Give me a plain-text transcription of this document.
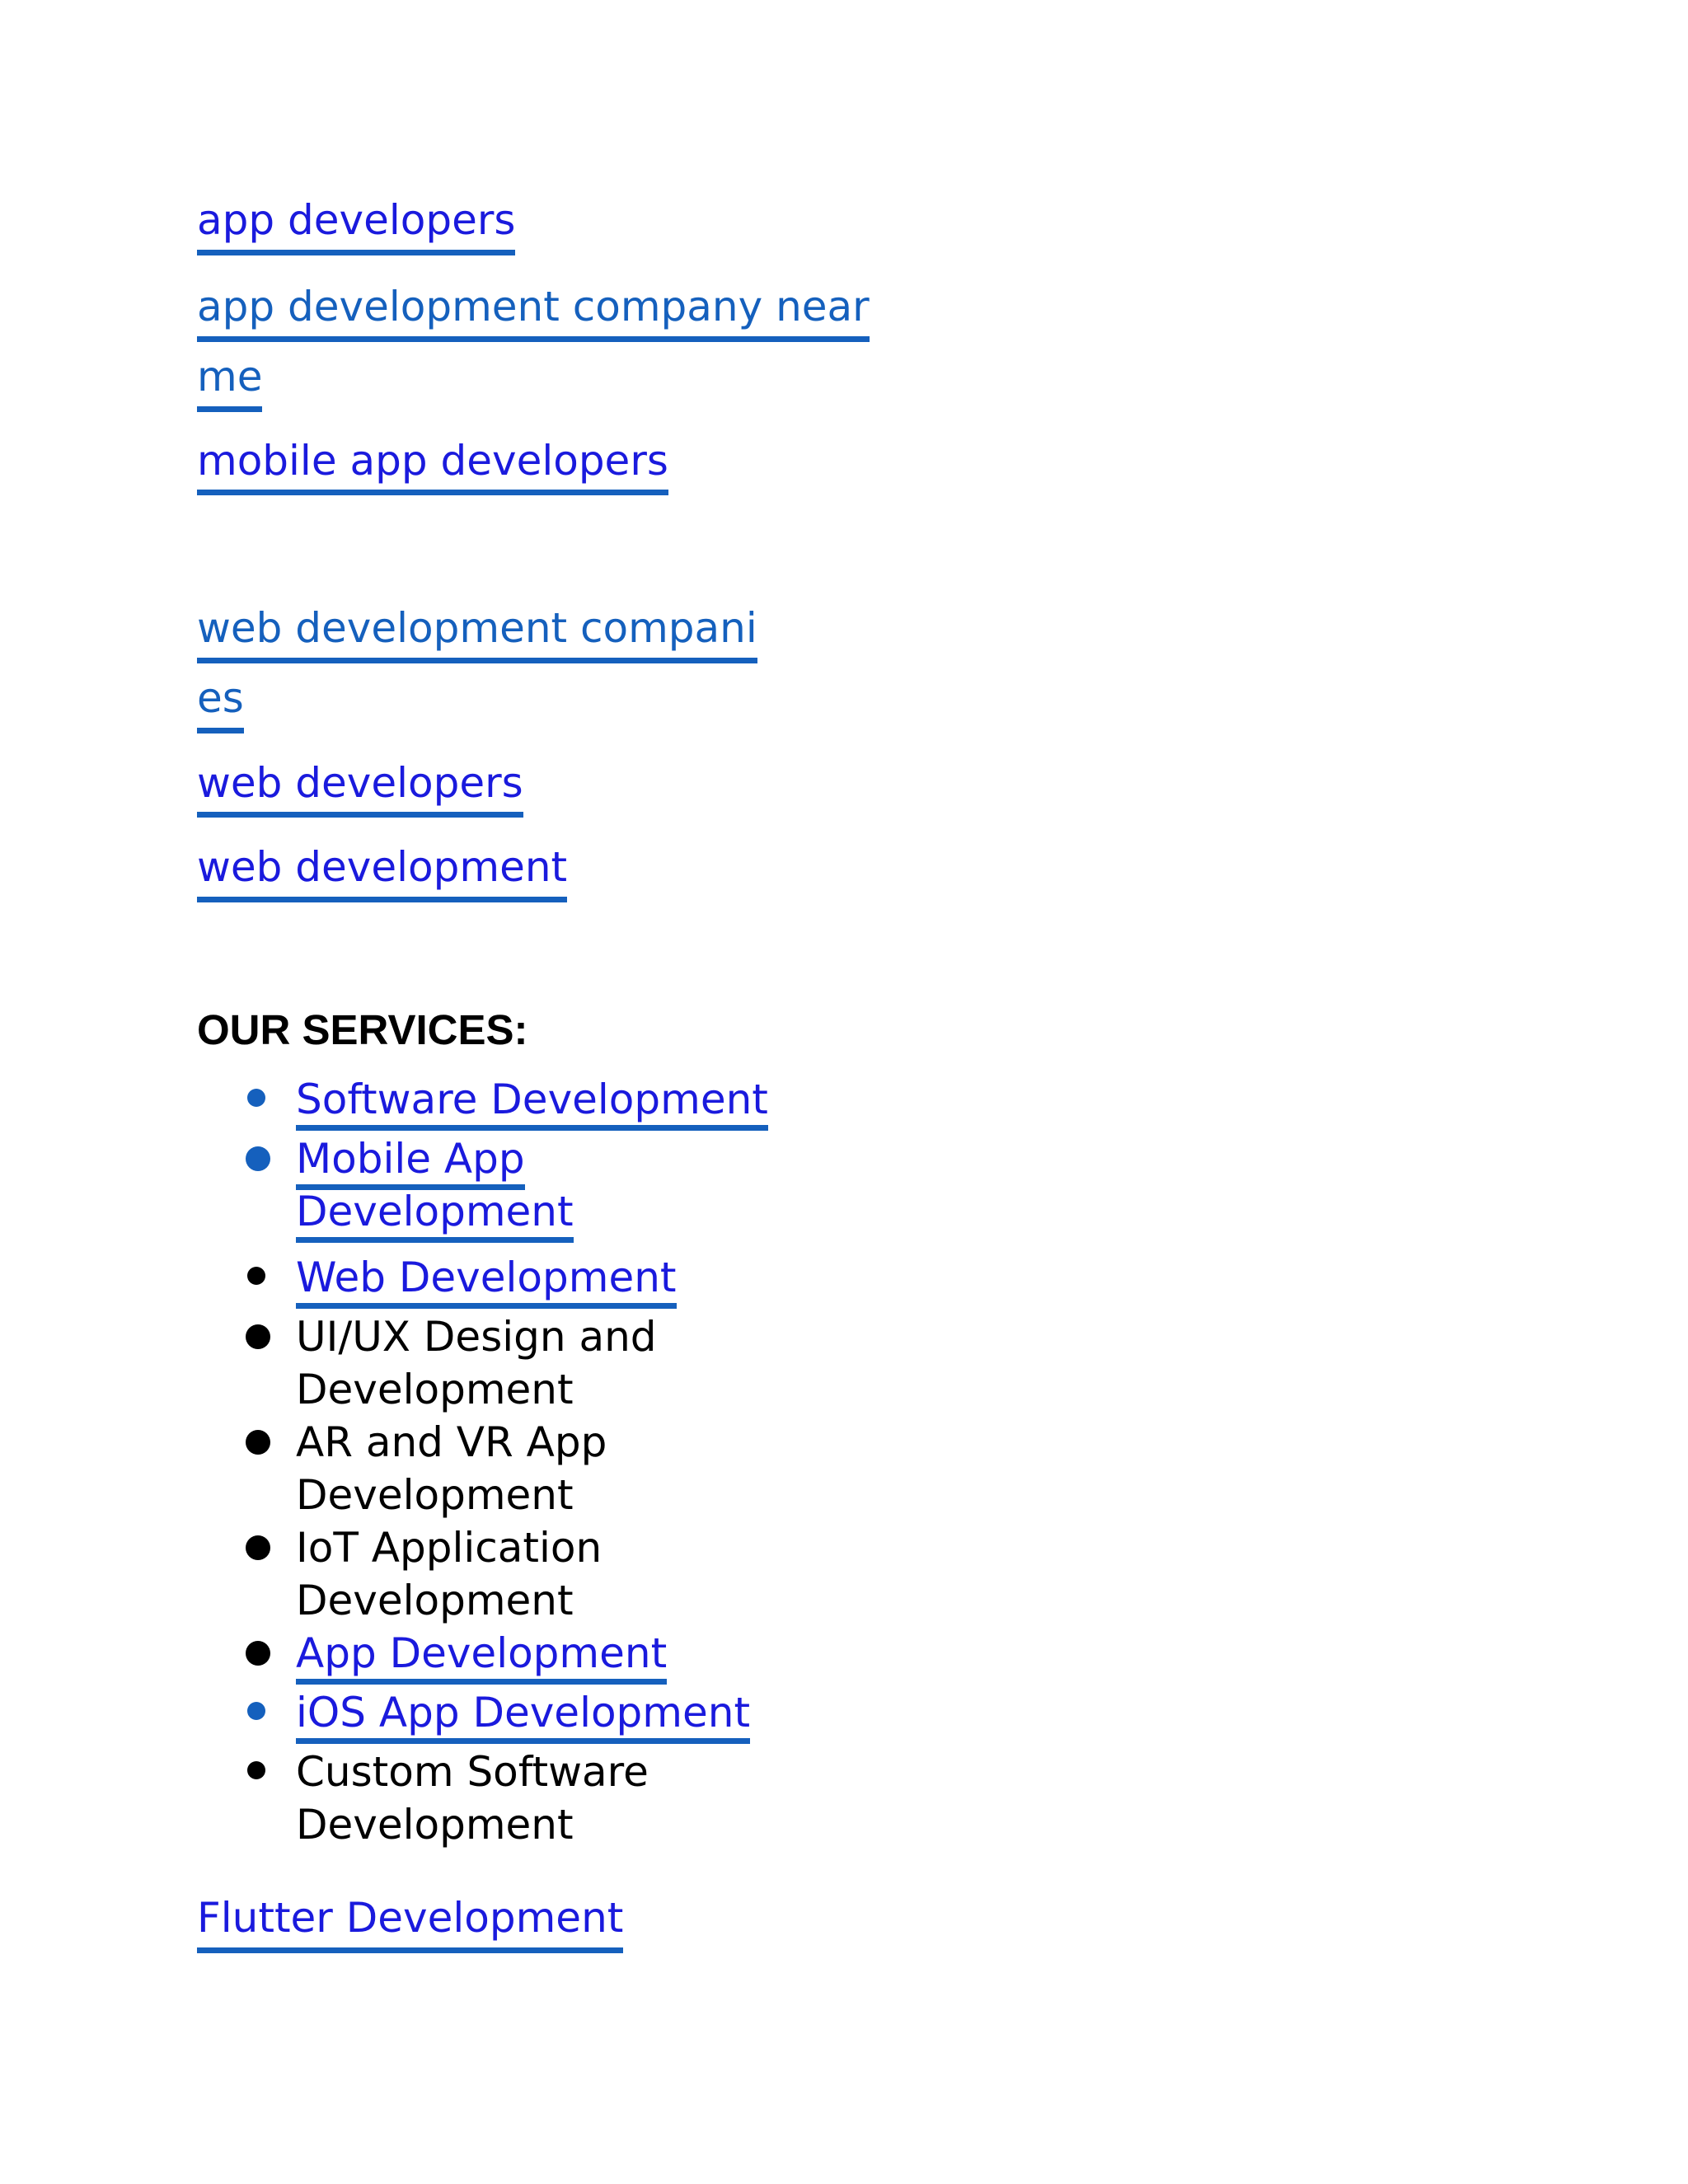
app developers
app development company near
me
mobile app developers
web development compani
es
web developers
web development
OUR SERVICES:
Software Development
Mobile App
Development
Web Development
UI/UX Design and
Development
AR and VR App
Development
IoT Application
Development
App Development
iOS App Development
Custom Software
Development
Flutter Development
